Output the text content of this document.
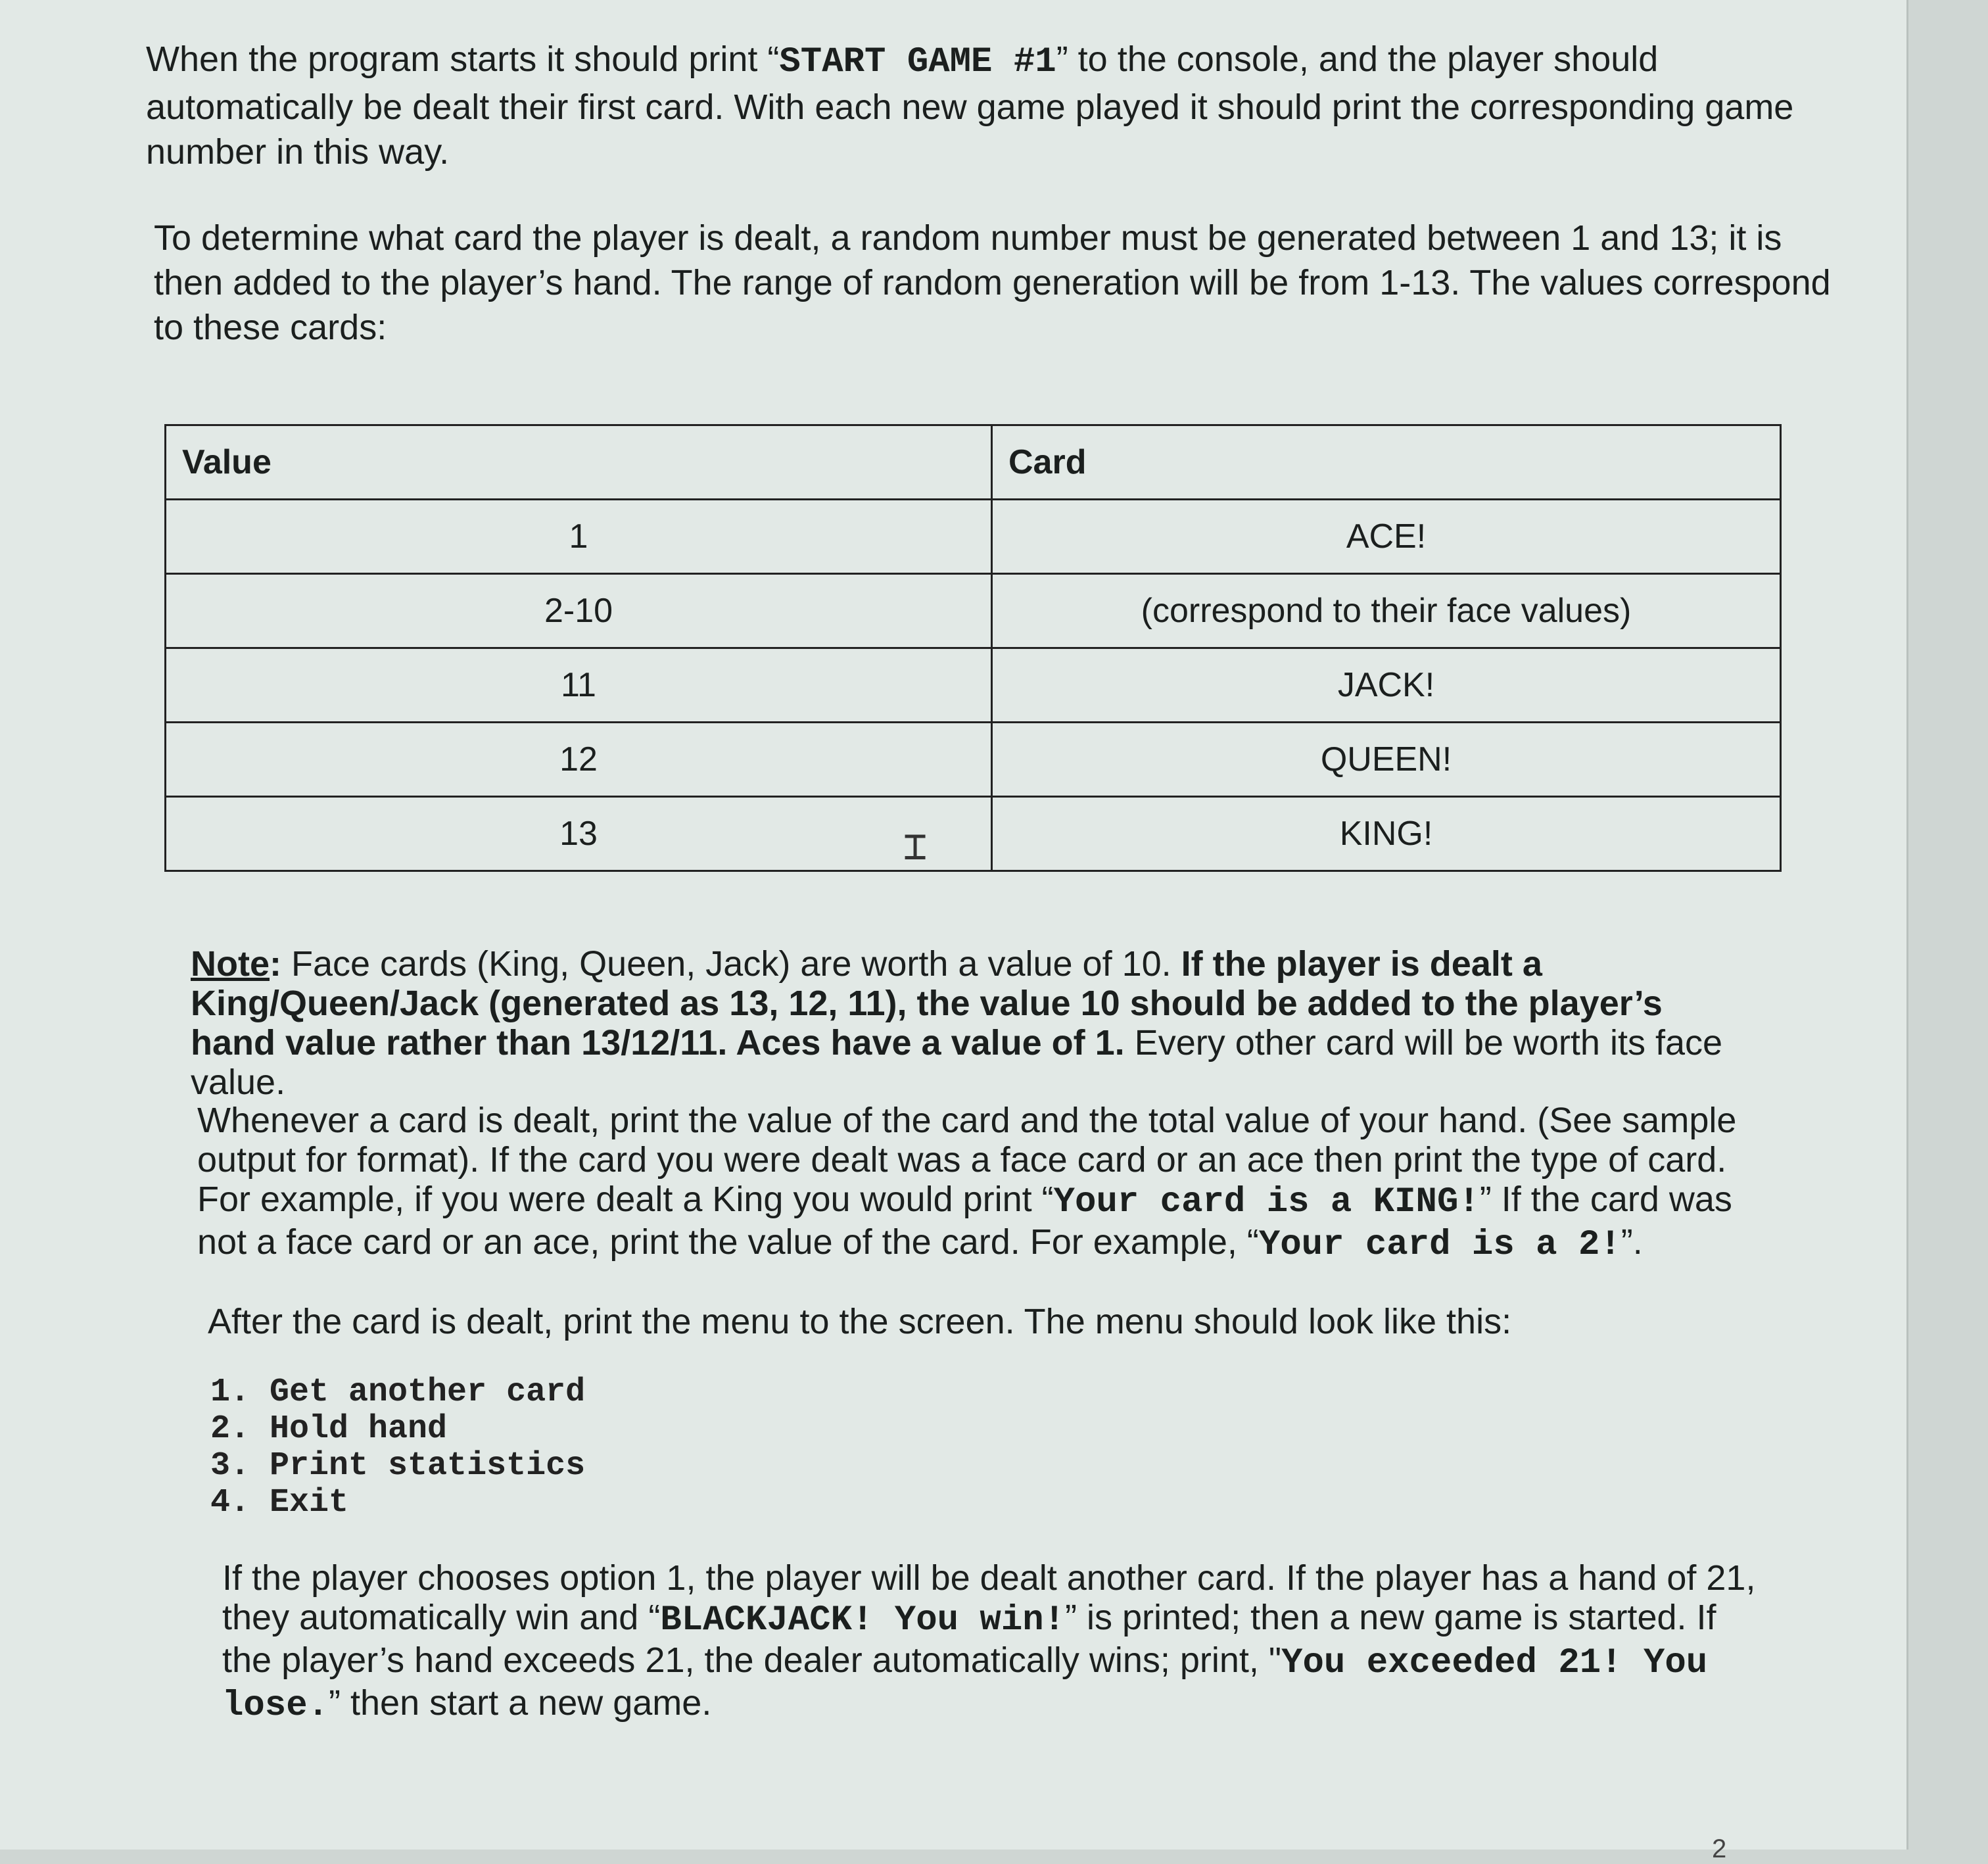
When the program starts it should print “START GAME #1” to the console, and the player should automatically be dealt their first card. With each new game played it should print the corresponding game number in this way.

To determine what card the player is dealt, a random number must be generated between 1 and 13; it is then added to the player’s hand. The range of random generation will be from 1-13. The values correspond to these cards:

Value	Card
1	ACE!
2-10	(correspond to their face values)
11	JACK!
12	QUEEN!
13	KING!
⌶

Note: Face cards (King, Queen, Jack) are worth a value of 10. If the player is dealt a King/Queen/Jack (generated as 13, 12, 11), the value 10 should be added to the player’s hand value rather than 13/12/11. Aces have a value of 1. Every other card will be worth its face value.

Whenever a card is dealt, print the value of the card and the total value of your hand. (See sample output for format). If the card you were dealt was a face card or an ace then print the type of card. For example, if you were dealt a King you would print “Your card is a KING!” If the card was not a face card or an ace, print the value of the card. For example, “Your card is a 2!”.

After the card is dealt, print the menu to the screen. The menu should look like this:

1. Get another card
2. Hold hand
3. Print statistics
4. Exit

If the player chooses option 1, the player will be dealt another card. If the player has a hand of 21, they automatically win and “BLACKJACK! You win!” is printed; then a new game is started. If the player’s hand exceeds 21, the dealer automatically wins; print, "You exceeded 21! You lose.” then start a new game.

2
